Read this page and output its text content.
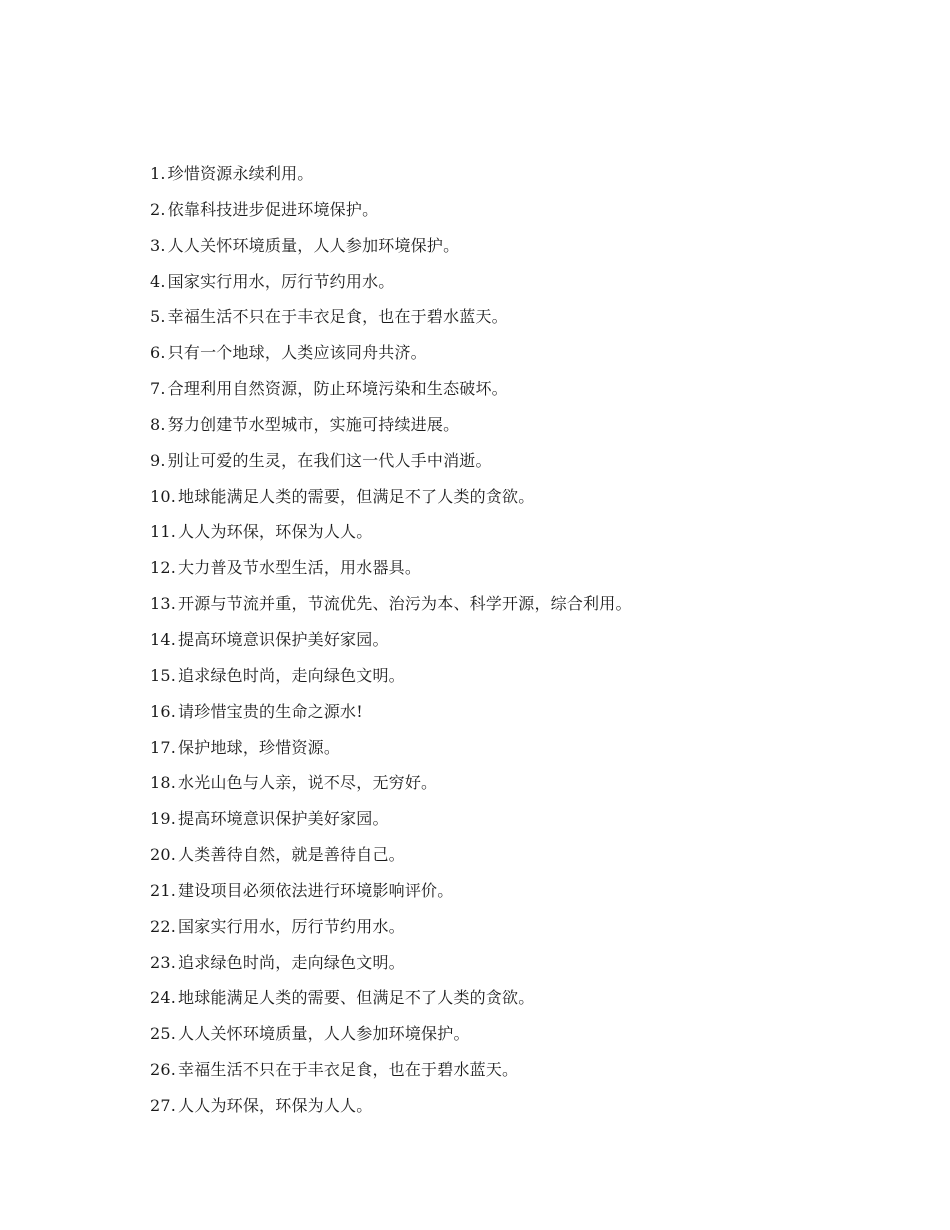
1. 珍惜资源永续利用。
2. 依靠科技进步促进环境保护。
3. 人人关怀环境质量，人人参加环境保护。
4. 国家实行用水，厉行节约用水。
5. 幸福生活不只在于丰衣足食，也在于碧水蓝天。
6. 只有一个地球，人类应该同舟共济。
7. 合理利用自然资源，防止环境污染和生态破坏。
8. 努力创建节水型城市，实施可持续进展。
9. 别让可爱的生灵，在我们这一代人手中消逝。
10. 地球能满足人类的需要，但满足不了人类的贪欲。
11. 人人为环保，环保为人人。
12. 大力普及节水型生活，用水器具。
13. 开源与节流并重，节流优先、治污为本、科学开源，综合利用。
14. 提高环境意识保护美好家园。
15. 追求绿色时尚，走向绿色文明。
16. 请珍惜宝贵的生命之源水!
17. 保护地球，珍惜资源。
18. 水光山色与人亲，说不尽，无穷好。
19. 提高环境意识保护美好家园。
20. 人类善待自然，就是善待自己。
21. 建设项目必须依法进行环境影响评价。
22. 国家实行用水，厉行节约用水。
23. 追求绿色时尚，走向绿色文明。
24. 地球能满足人类的需要、但满足不了人类的贪欲。
25. 人人关怀环境质量，人人参加环境保护。
26. 幸福生活不只在于丰衣足食，也在于碧水蓝天。
27. 人人为环保，环保为人人。
